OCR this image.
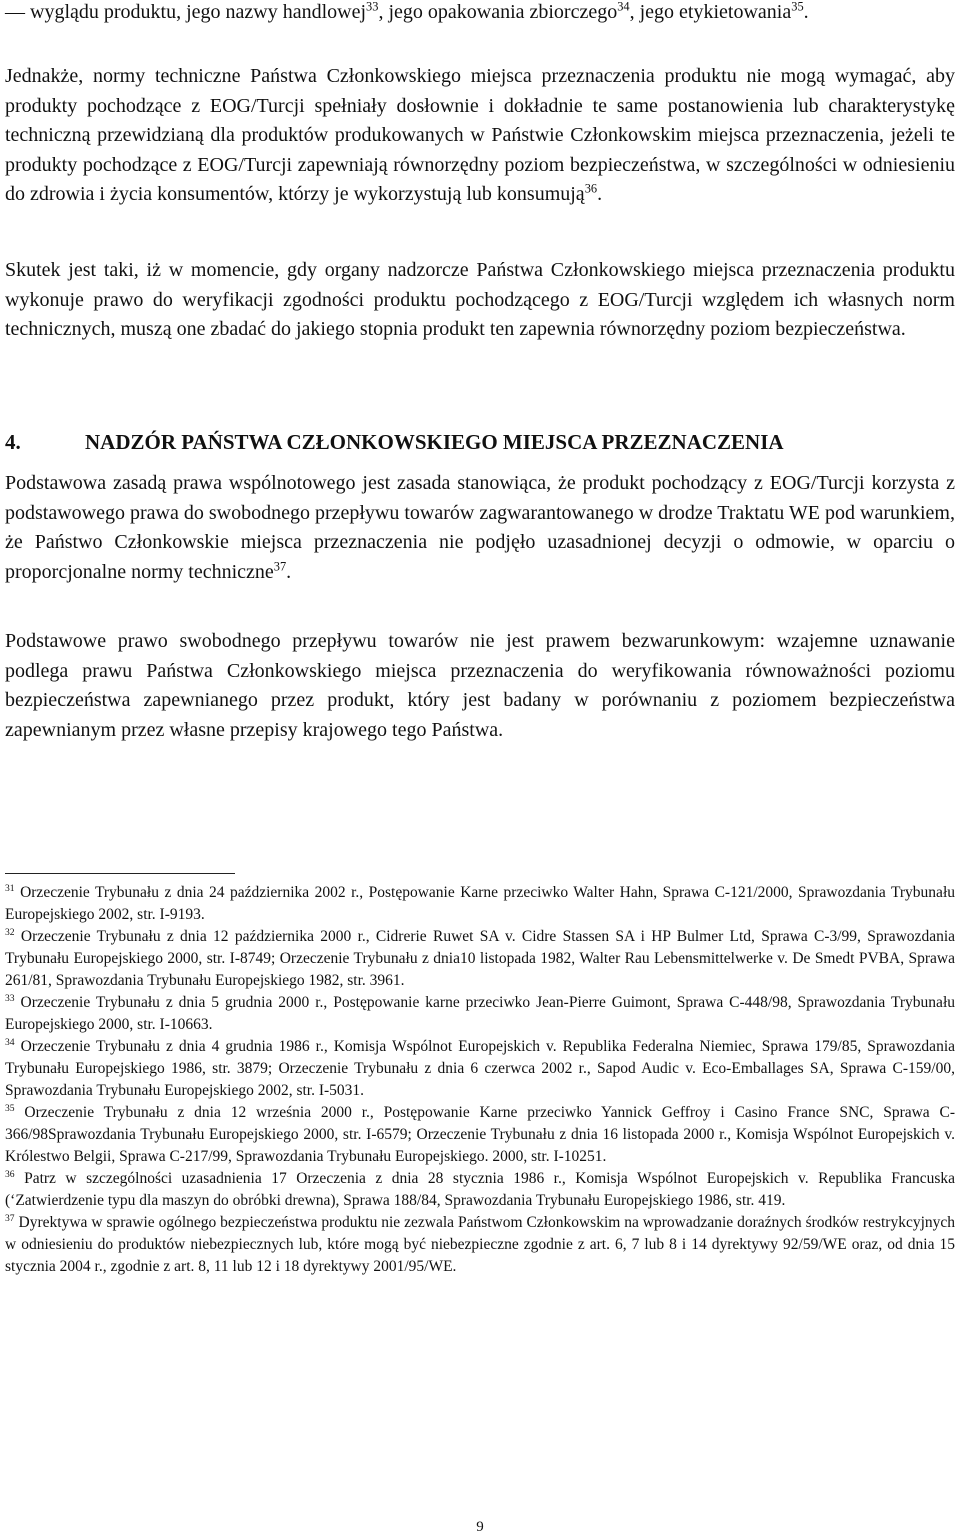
— wyglądu produktu, jego nazwy handlowej$^{33}$, jego opakowania zbiorczego$^{34}$, jego etykietowania$^{35}$.

Jednakże, normy techniczne Państwa Członkowskiego miejsca przeznaczenia produktu nie mogą wymagać, aby produkty pochodzące z EOG/Turcji spełniały dosłownie i dokładnie te same postanowienia lub charakterystykę techniczną przewidzianą dla produktów produkowanych w Państwie Członkowskim miejsca przeznaczenia, jeżeli te produkty pochodzące z EOG/Turcji zapewniają równorzędny poziom bezpieczeństwa, w szczególności w odniesieniu do zdrowia i życia konsumentów, którzy je wykorzystują lub konsumują$^{36}$.

Skutek jest taki, iż w momencie, gdy organy nadzorcze Państwa Członkowskiego miejsca przeznaczenia produktu wykonuje prawo do weryfikacji zgodności produktu pochodzącego z EOG/Turcji względem ich własnych norm technicznych, muszą one zbadać do jakiego stopnia produkt ten zapewnia równorzędny poziom bezpieczeństwa.

4.	NADZÓR PAŃSTWA CZŁONKOWSKIEGO MIEJSCA PRZEZNACZENIA

Podstawowa zasadą prawa wspólnotowego jest zasada stanowiąca, że produkt pochodzący z EOG/Turcji korzysta z podstawowego prawa do swobodnego przepływu towarów zagwarantowanego w drodze Traktatu WE pod warunkiem, że Państwo Członkowskie miejsca przeznaczenia nie podjęło uzasadnionej decyzji o odmowie, w oparciu o proporcjonalne normy techniczne$^{37}$.

Podstawowe prawo swobodnego przepływu towarów nie jest prawem bezwarunkowym: wzajemne uznawanie podlega prawu Państwa Członkowskiego miejsca przeznaczenia do weryfikowania równoważności poziomu bezpieczeństwa zapewnianego przez produkt, który jest badany w porównaniu z poziomem bezpieczeństwa zapewnianym przez własne przepisy krajowego tego Państwa.

$^{31}$ Orzeczenie Trybunału z dnia 24 października 2002 r., Postępowanie Karne przeciwko Walter Hahn, Sprawa C-121/2000, Sprawozdania Trybunału Europejskiego 2002, str. I-9193.

$^{32}$ Orzeczenie Trybunału z dnia 12 października 2000 r., Cidrerie Ruwet SA v. Cidre Stassen SA i HP Bulmer Ltd, Sprawa C-3/99, Sprawozdania Trybunału Europejskiego 2000, str. I-8749; Orzeczenie Trybunału z dnia10 listopada 1982, Walter Rau Lebensmittelwerke v. De Smedt PVBA, Sprawa 261/81, Sprawozdania Trybunału Europejskiego 1982, str. 3961.

$^{33}$ Orzeczenie Trybunału z dnia 5 grudnia 2000 r., Postępowanie karne przeciwko Jean-Pierre Guimont, Sprawa C-448/98, Sprawozdania Trybunału Europejskiego 2000, str. I-10663.

$^{34}$ Orzeczenie Trybunału z dnia 4 grudnia 1986 r., Komisja Wspólnot Europejskich v. Republika Federalna Niemiec, Sprawa 179/85, Sprawozdania Trybunału Europejskiego 1986, str. 3879; Orzeczenie Trybunału z dnia 6 czerwca 2002 r., Sapod Audic v. Eco-Emballages SA, Sprawa C-159/00, Sprawozdania Trybunału Europejskiego 2002, str. I-5031.

$^{35}$ Orzeczenie Trybunału z dnia 12 września 2000 r., Postępowanie Karne przeciwko Yannick Geffroy i Casino France SNC, Sprawa C-366/98Sprawozdania Trybunału Europejskiego 2000, str. I-6579; Orzeczenie Trybunału z dnia 16 listopada 2000 r., Komisja Wspólnot Europejskich v. Królestwo Belgii, Sprawa C-217/99, Sprawozdania Trybunału Europejskiego. 2000, str. I-10251.

$^{36}$ Patrz w szczególności uzasadnienia 17 Orzeczenia z dnia 28 stycznia 1986 r., Komisja Wspólnot Europejskich v. Republika Francuska (‘Zatwierdzenie typu dla maszyn do obróbki drewna), Sprawa 188/84, Sprawozdania Trybunału Europejskiego 1986, str. 419.

$^{37}$ Dyrektywa w sprawie ogólnego bezpieczeństwa produktu nie zezwala Państwom Członkowskim na wprowadzanie doraźnych środków restrykcyjnych w odniesieniu do produktów niebezpiecznych lub, które mogą być niebezpieczne zgodnie z art. 6, 7 lub 8 i 14 dyrektywy 92/59/WE oraz, od dnia 15 stycznia 2004 r., zgodnie z art. 8, 11 lub 12 i 18 dyrektywy 2001/95/WE.

9
